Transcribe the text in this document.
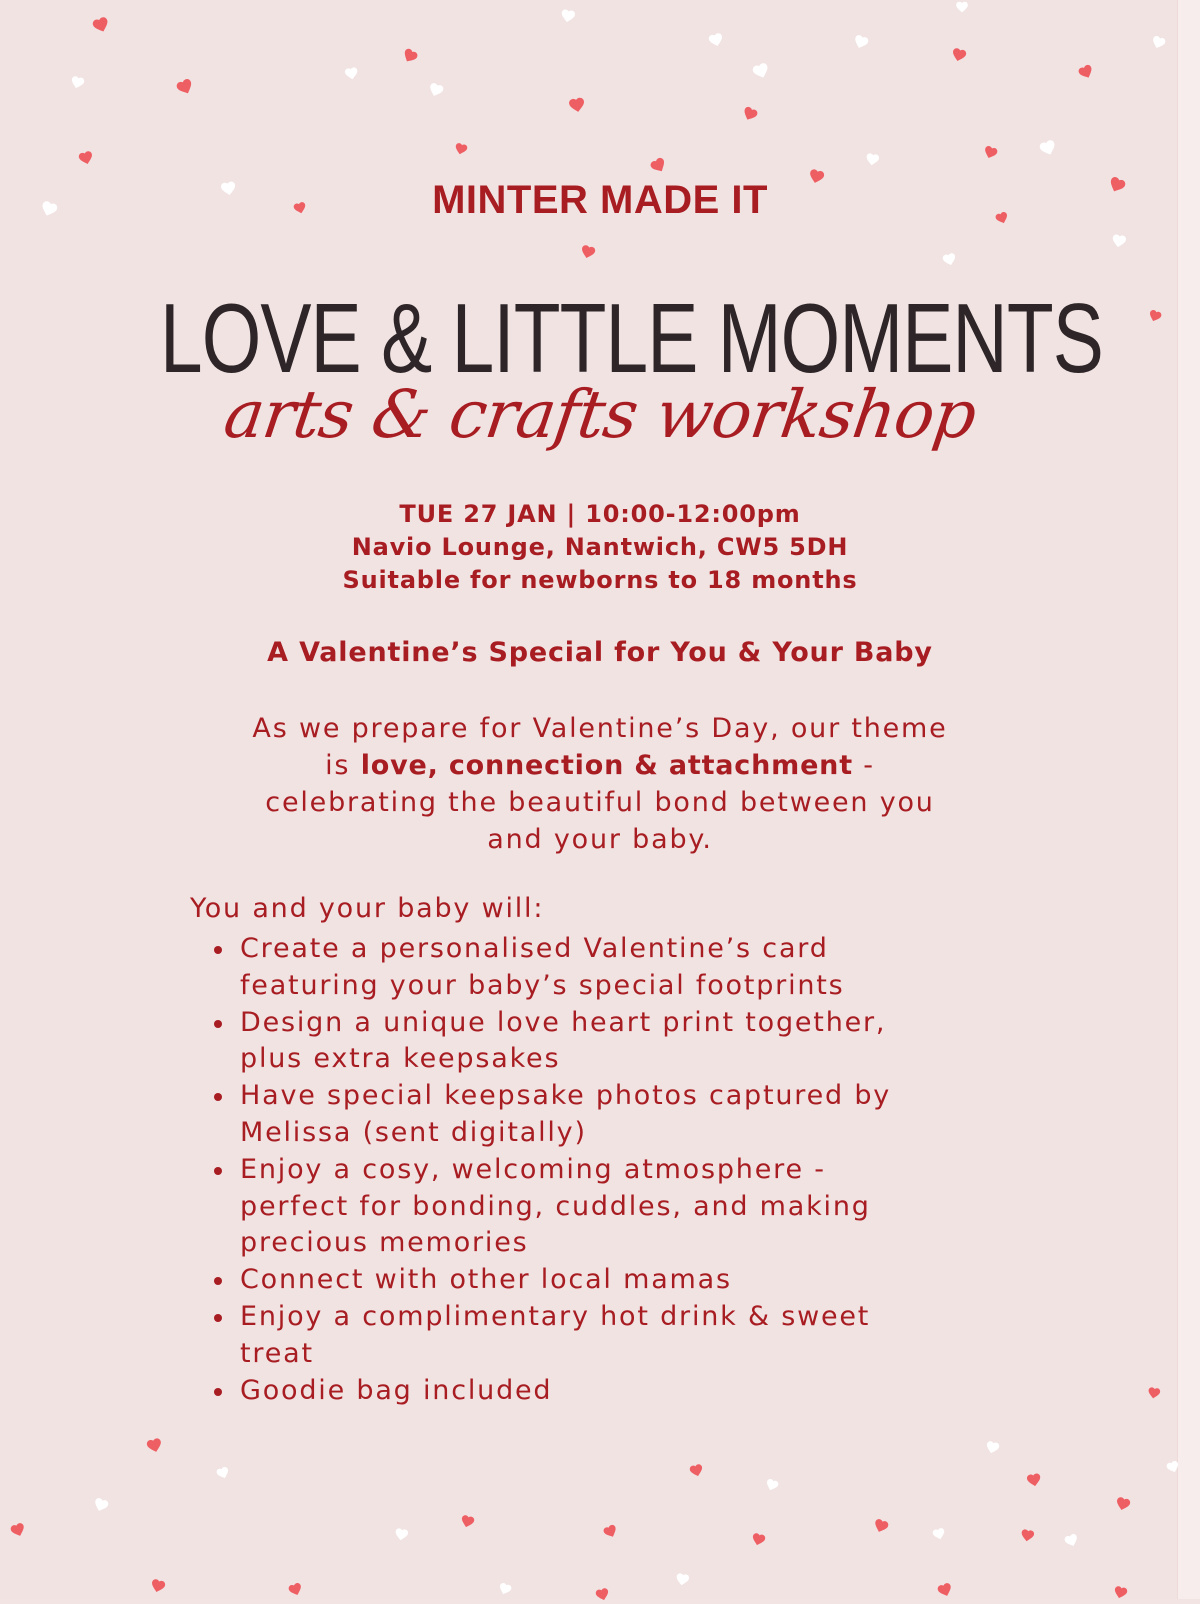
MINTER MADE IT
LOVE & LITTLE MOMENTS
arts & crafts workshop
TUE 27 JAN | 10:00-12:00pm
Navio Lounge, Nantwich, CW5 5DH
Suitable for newborns to 18 months
A Valentine’s Special for You & Your Baby
As we prepare for Valentine’s Day, our theme
is love, connection & attachment -
celebrating the beautiful bond between you
and your baby.
You and your baby will:
Create a personalised Valentine’s card
featuring your baby’s special footprints
Design a unique love heart print together,
plus extra keepsakes
Have special keepsake photos captured by
Melissa (sent digitally)
Enjoy a cosy, welcoming atmosphere -
perfect for bonding, cuddles, and making
precious memories
Connect with other local mamas
Enjoy a complimentary hot drink & sweet
treat
Goodie bag included
